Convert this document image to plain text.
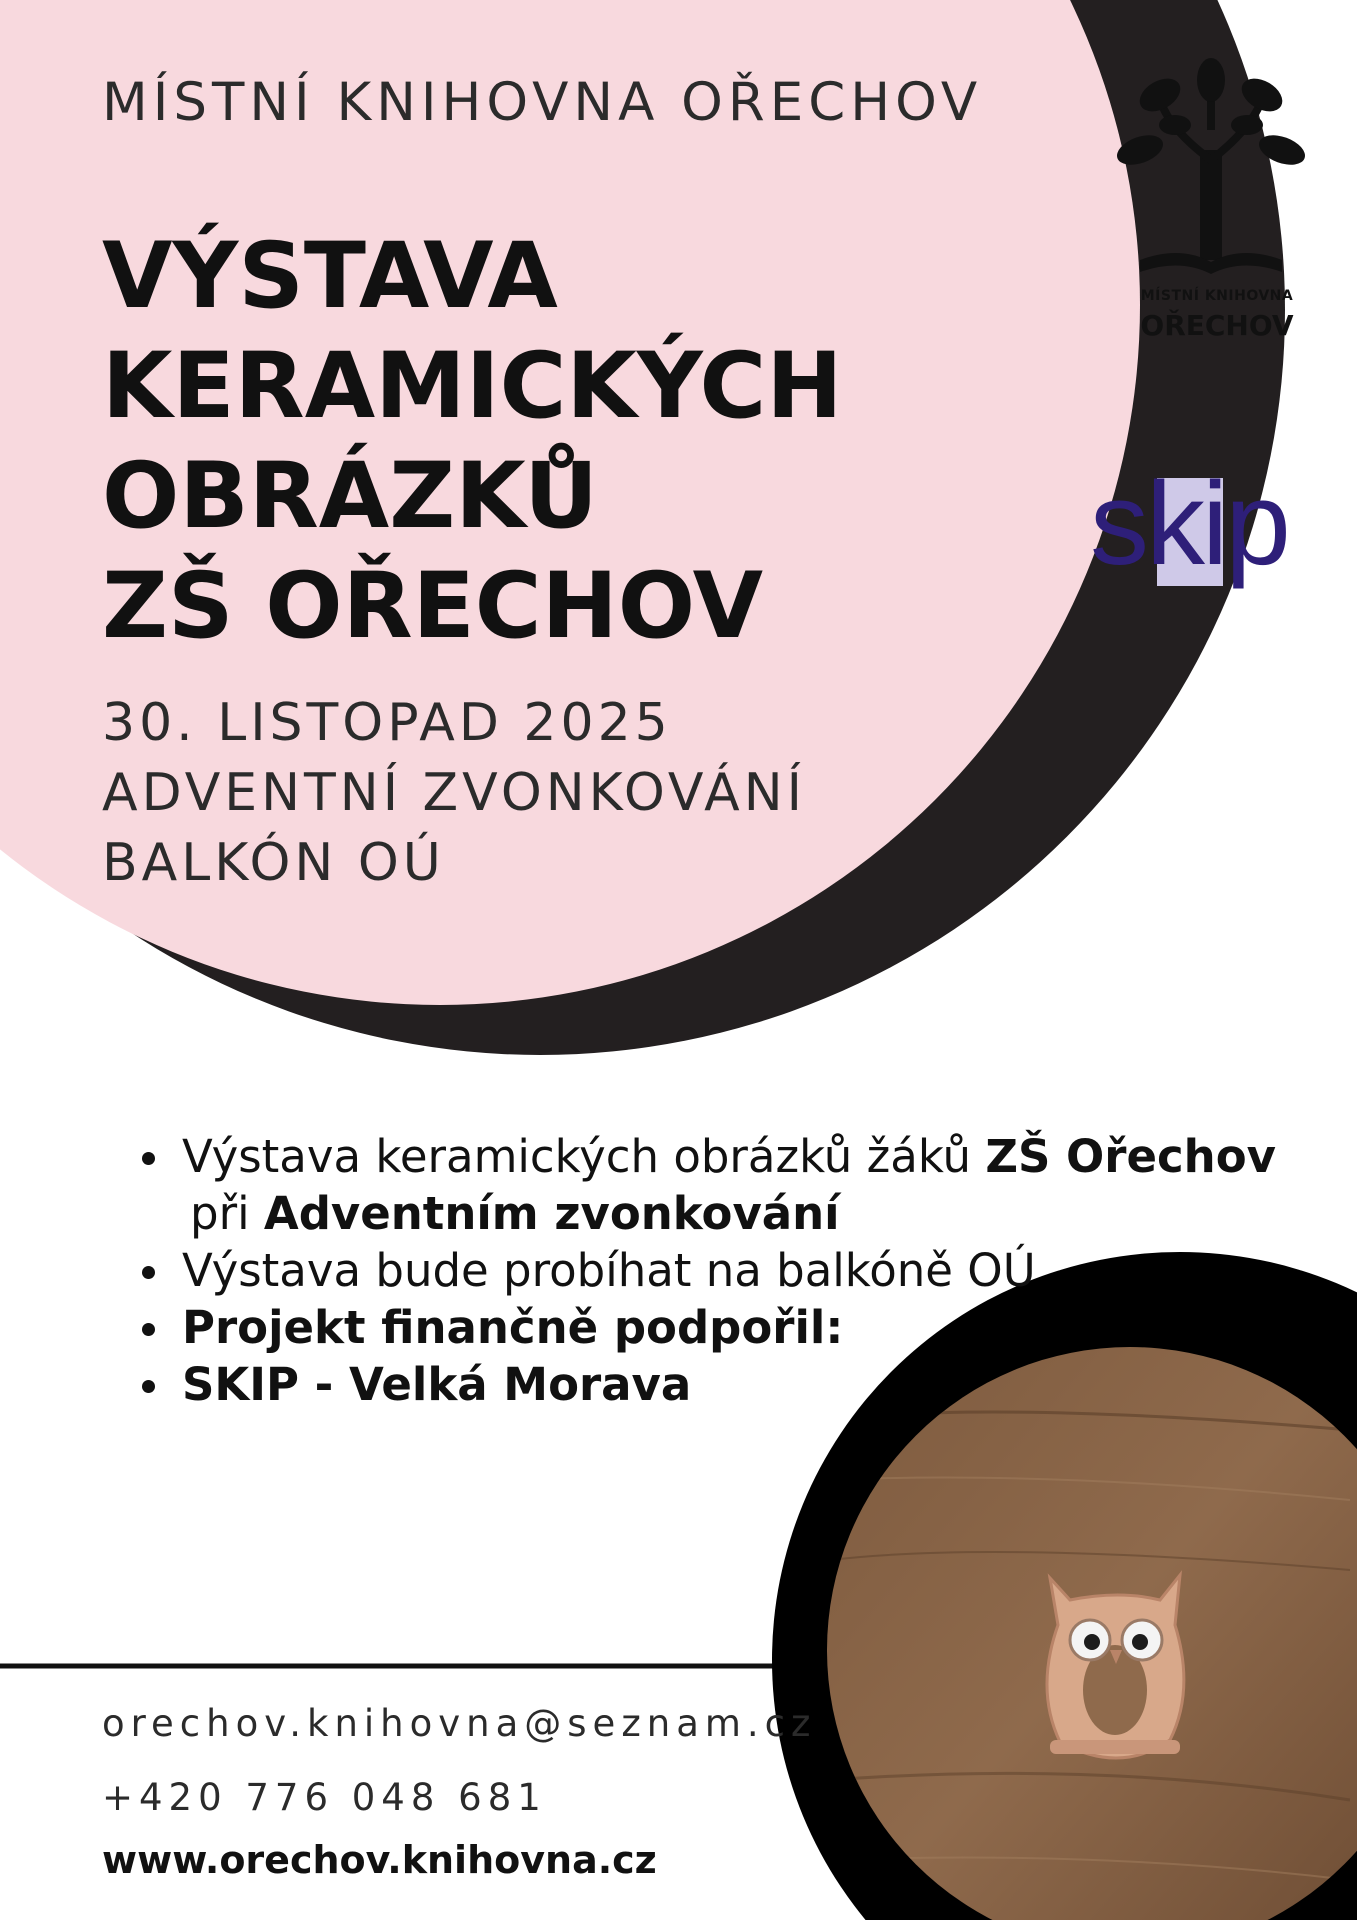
MÍSTNÍ KNIHOVNA OŘECHOV
VÝSTAVA
KERAMICKÝCH
OBRÁZKŮ
ZŠ OŘECHOV
30. LISTOPAD 2025
ADVENTNÍ ZVONKOVÁNÍ
BALKÓN OÚ
MÍSTNÍ KNIHOVNA
OŘECHOV
skip
Výstava keramických obrázků žáků ZŠ Ořechov
při Adventním zvonkování
Výstava bude probíhat na balkóně OÚ
Projekt finančně podpořil:
SKIP - Velká Morava
orechov.knihovna@seznam.cz
+420 776 048 681
www.orechov.knihovna.cz
